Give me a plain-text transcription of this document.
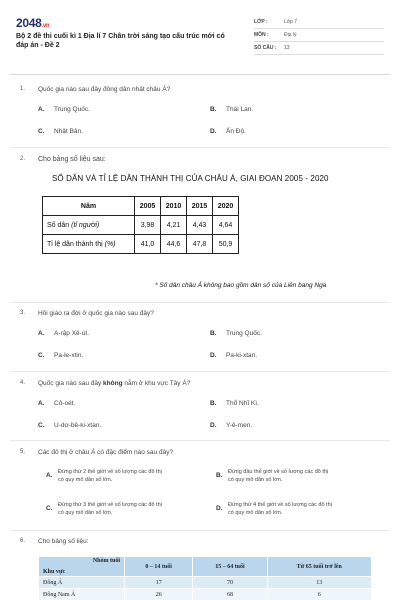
2048.vn
Bộ 2 đề thi cuối kì 1 Địa lí 7 Chân trời sáng tạo cấu trúc mới có đáp án - Đề 2
LỚP :	Lớp 7
MÔN :	Địa lý
SỐ CÂU :	13
1. Quốc gia nào sau đây đông dân nhất châu Á?
A. Trung Quốc.	B. Thái Lan.
C. Nhật Bản.	D. Ấn Độ.
2. Cho bảng số liệu sau:
SỐ DÂN VÀ TỈ LỆ DÂN THÀNH THỊ CỦA CHÂU Á, GIAI ĐOẠN 2005 - 2020
Năm	2005	2010	2015	2020
Số dân (tỉ người)	3,98	4,21	4,43	4,64
Tỉ lệ dân thành thị (%)	41,0	44,6	47,8	50,9
* Số dân châu Á không bao gồm dân số của Liên bang Nga
3. Hồi giáo ra đời ở quốc gia nào sau đây?
A. A-rập Xê-út.	B. Trung Quốc.
C. Pa-le-xtin.	D. Pa-ki-xtan.
4. Quốc gia nào sau đây không nằm ở khu vực Tây Á?
A. Cô-oét.	B. Thổ Nhĩ Kì.
C. U-dơ-bê-ki-xtan.	D. Y-ê-men.
5. Các đô thị ở châu Á có đặc điểm nào sau đây?
A. Đứng thứ 2 thế giới về số lượng các đô thị
có quy mô dân số lớn.
B. Đứng đầu thế giới về số lượng các đô thị
có quy mô dân số lớn.
C. Đứng thứ 3 thế giới về số lượng các đô thị
có quy mô dân số lớn.
D. Đứng thứ 4 thế giới về số lượng các đô thị
có quy mô dân số lớn.
6. Cho bảng số liệu:
Nhóm tuổi
Khu vực	0 – 14 tuổi	15 – 64 tuổi	Từ 65 tuổi trở lên
Đông Á	17	70	13
Đông Nam Á	26	68	6
